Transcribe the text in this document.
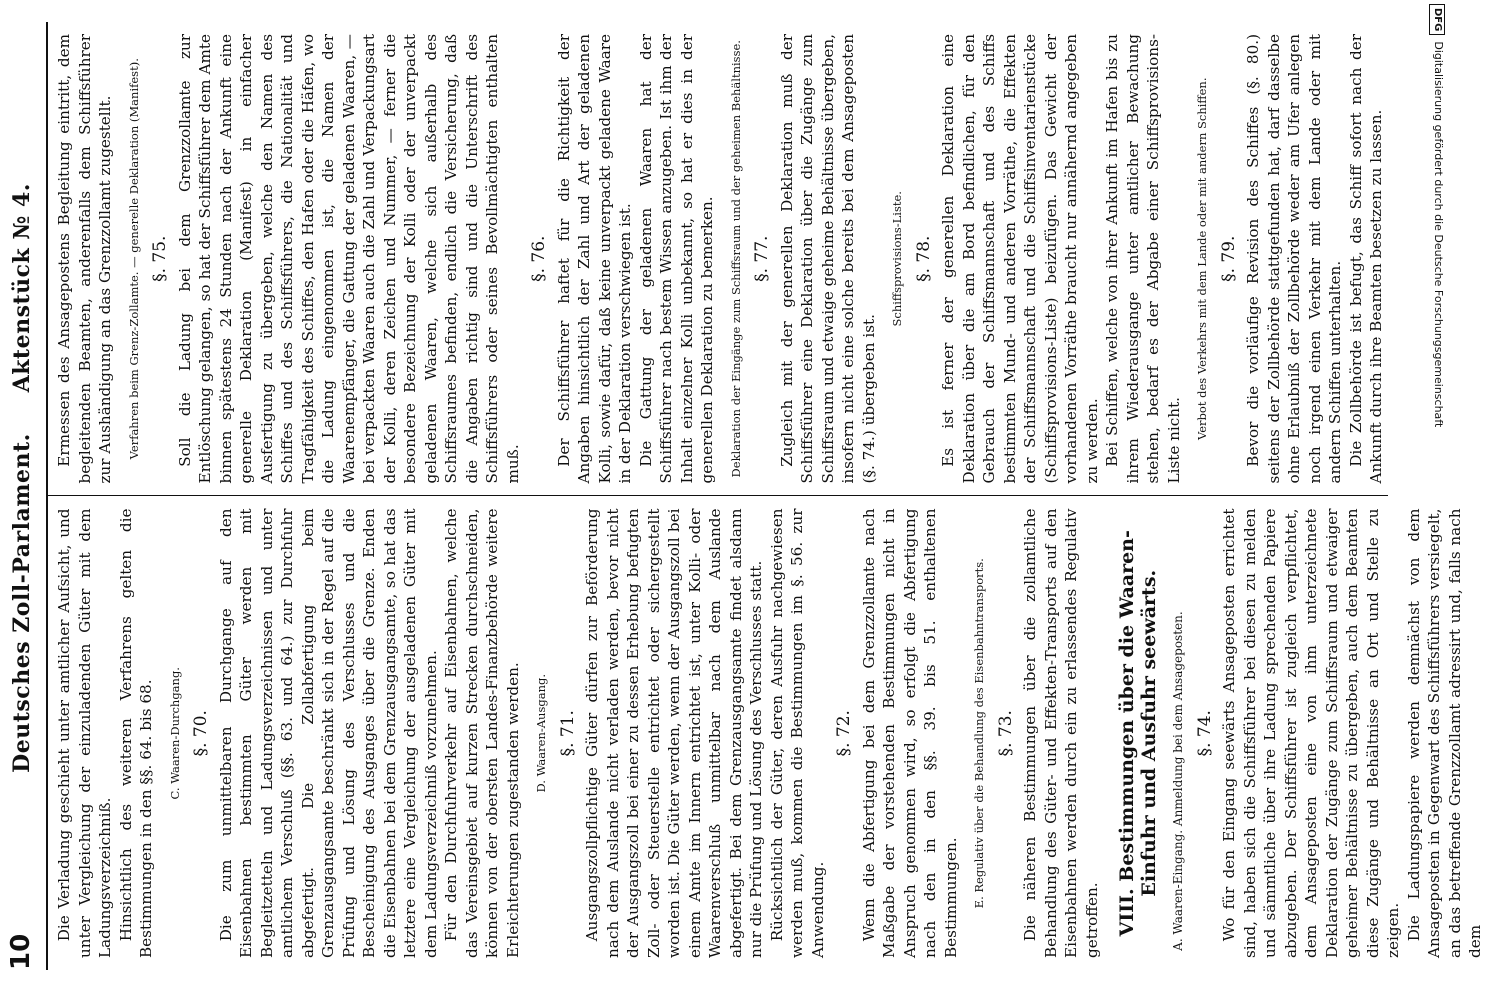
10
Deutsches Zoll-Parlament.     Aktenstück № 4.

Die Verladung geschieht unter amtlicher Aufsicht, und unter Vergleichung der einzuladenden Güter mit dem Ladungsverzeichniß. Hinsichtlich des weiteren Verfahrens gelten die Bestimmungen in den §§. 64. bis 68. C. Waaren-Durchgang. §. 70. Die zum unmittelbaren Durchgange auf den Eisenbahnen bestimmten Güter werden mit Begleitzetteln und Ladungsverzeichnissen und unter amtlichem Verschluß (§§. 63. und 64.) zur Durchfuhr abgefertigt. Die Zollabfertigung beim Grenzausgangsamte beschränkt sich in der Regel auf die Prüfung und Lösung des Verschlusses und die Bescheinigung des Ausganges über die Grenze. Enden die Eisenbahnen bei dem Grenzausgangsamte, so hat das letztere eine Vergleichung der ausgeladenen Güter mit dem Ladungsverzeichniß vorzunehmen. Für den Durchfuhrverkehr auf Eisenbahnen, welche das Vereinsgebiet auf kurzen Strecken durchschneiden, können von der obersten Landes-Finanzbehörde weitere Erleichterungen zugestanden werden. D. Waaren-Ausgang. §. 71. Ausgangszollpflichtige Güter dürfen zur Beförderung nach dem Auslande nicht verladen werden, bevor nicht der Ausgangszoll bei einer zu dessen Erhebung befugten Zoll- oder Steuerstelle entrichtet oder sichergestellt worden ist. Die Güter werden, wenn der Ausgangszoll bei einem Amte im Innern entrichtet ist, unter Kolli- oder Waarenverschluß unmittelbar nach dem Auslande abgefertigt. Bei dem Grenzausgangsamte findet alsdann nur die Prüfung und Lösung des Verschlusses statt. Rücksichtlich der Güter, deren Ausfuhr nachgewiesen werden muß, kommen die Bestimmungen im §. 56. zur Anwendung.

§. 72. Wenn die Abfertigung bei dem Grenzzollamte nach Maßgabe der vorstehenden Bestimmungen nicht in Anspruch genommen wird, so erfolgt die Abfertigung nach den in den §§. 39. bis 51. enthaltenen Bestimmungen. E. Regulativ über die Behandlung des Eisenbahntransports. §. 73. Die näheren Bestimmungen über die zollamtliche Behandlung des Güter- und Effekten-Transports auf den Eisenbahnen werden durch ein zu erlassendes Regulativ getroffen. VIII. Bestimmungen über die Waaren-Einfuhr und Ausfuhr seewärts. A. Waaren-Eingang. Anmeldung bei dem Ansageposten. §. 74. Wo für den Eingang seewärts Ansageposten errichtet sind, haben sich die Schiffsführer bei diesen zu melden und sämmtliche über ihre Ladung sprechenden Papiere abzugeben. Der Schiffsführer ist zugleich verpflichtet, dem Ansageposten eine von ihm unterzeichnete Deklaration der Zugänge zum Schiffsraum und etwaiger geheimer Behältnisse zu übergeben, auch dem Beamten diese Zugänge und Behältnisse an Ort und Stelle zu zeigen. Die Ladungspapiere werden demnächst von dem Ansageposten in Gegenwart des Schiffsführers versiegelt, an das betreffende Grenzzollamt adressirt und, falls nach dem

Ermessen des Ansagepostens Begleitung eintritt, dem begleitenden Beamten, anderenfalls dem Schiffsführer zur Aushändigung an das Grenzzollamt zugestellt. Verfahren beim Grenz-Zollamte. — generelle Deklaration (Manifest). §. 75. Soll die Ladung bei dem Grenzzollamte zur Entlöschung gelangen, so hat der Schiffsführer dem Amte binnen spätestens 24 Stunden nach der Ankunft eine generelle Deklaration (Manifest) in einfacher Ausfertigung zu übergeben, welche den Namen des Schiffes und des Schiffsführers, die Nationalität und Tragfähigkeit des Schiffes, den Hafen oder die Häfen, wo die Ladung eingenommen ist, die Namen der Waarenempfänger, die Gattung der geladenen Waaren, — bei verpackten Waaren auch die Zahl und Verpackungsart der Kolli, deren Zeichen und Nummer, — ferner die besondere Bezeichnung der Kolli oder der unverpackt geladenen Waaren, welche sich außerhalb des Schiffsraumes befinden, endlich die Versicherung, daß die Angaben richtig sind und die Unterschrift des Schiffsführers oder seines Bevollmächtigten enthalten muß.

§. 76. Der Schiffsführer haftet für die Richtigkeit der Angaben hinsichtlich der Zahl und Art der geladenen Kolli, sowie dafür, daß keine unverpackt geladene Waare in der Deklaration verschwiegen ist. Die Gattung der geladenen Waaren hat der Schiffsführer nach bestem Wissen anzugeben. Ist ihm der Inhalt einzelner Kolli unbekannt, so hat er dies in der generellen Deklaration zu bemerken. Deklaration der Eingänge zum Schiffsraum und der geheimen Behältnisse. §. 77. Zugleich mit der generellen Deklaration muß der Schiffsführer eine Deklaration über die Zugänge zum Schiffsraum und etwaige geheime Behältnisse übergeben, insofern nicht eine solche bereits bei dem Ansageposten (§. 74.) übergeben ist.

Schiffsprovisions-Liste. §. 78. Es ist ferner der generellen Deklaration eine Deklaration über die am Bord befindlichen, für den Gebrauch der Schiffsmannschaft und des Schiffs bestimmten Mund- und anderen Vorräthe, die Effekten der Schiffsmannschaft und die Schiffsinventarienstücke (Schiffsprovisions-Liste) beizufügen. Das Gewicht der vorhandenen Vorräthe braucht nur annähernd angegeben zu werden. Bei Schiffen, welche von ihrer Ankunft im Hafen bis zu ihrem Wiederausgange unter amtlicher Bewachung stehen, bedarf es der Abgabe einer Schiffsprovisions-Liste nicht.

Verbot des Verkehrs mit dem Lande oder mit andern Schiffen. §. 79. Bevor die vorläufige Revision des Schiffes (§. 80.) seitens der Zollbehörde stattgefunden hat, darf dasselbe ohne Erlaubniß der Zollbehörde weder am Ufer anlegen noch irgend einen Verkehr mit dem Lande oder mit andern Schiffen unterhalten. Die Zollbehörde ist befugt, das Schiff sofort nach der Ankunft durch ihre Beamten besetzen zu lassen.

DFGDigitalisierung gefördert durch die Deutsche Forschungsgemeinschaft
